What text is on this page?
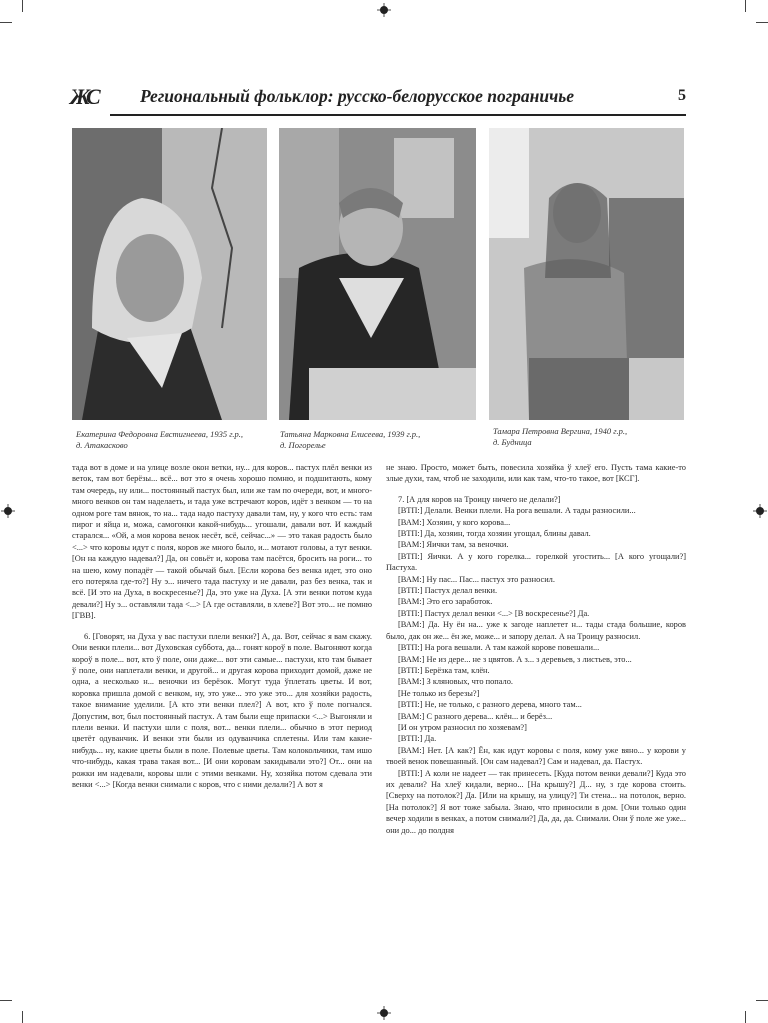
ЖС Региональный фольклор: русско-белорусское пограничье	5
Екатерина Федоровна Евстигнеева, 1935 г.р.,
д. Атакасково
Татьяна Марковна Елисеева, 1939 г.р.,
д. Погорелье
Тамара Петровна Вергина, 1940 г.р.,
д. Будница

тада вот в доме и на улице возле окон ветки, ну... для коров... пастух плёл венки из веток, там вот берёзы... всё... вот это я очень хорошо помню, и подшитають, кому там очередь, ну или... постоянный пастух был, или же там по очереди, вот, и много-много венков он там наделаеть, и тада уже встречают коров, идёт з венком — то на одном роге там вянок, то на... тада надо пастуху давали там, ну, у кого что есть: там пирог и яйца и, можа, самогонки какой-нибудь... угошали, давали вот. И каждый старался... «Ой, а моя корова венок несёт, всё, сейчас...» — это такая радость было <...> что коровы идут с поля, коров же много было, и... мотают головы, а тут венки. [Он на каждую надевал?] Да, он совьёт и, корова там пасётся, бросить на роги... то на шею, кому попадёт — такой обычай был. [Если корова без венка идет, это оно его потеряла где-то?] Ну э... ничего тада пастуху и не давали, раз без венка, так и всё. [И это на Духа, в воскресенье?] Да, это уже на Духа. [А эти венки потом куда девали?] Ну э... оставляли тада <...> [А где оставляли, в хлеве?] Вот это... не помню [ГВВ].

6. [Говорят, на Духа у вас пастухи плели венки?] А, да. Вот, сейчас я вам скажу. Они венки плели... вот Духовская суббота, да... гонят короў в поле. Выгоняют когда короў в поле... вот, кто ў поле, они даже... вот эти самые... пастухи, кто там бывает ў поле, они наплетали венки, и другой... и другая корова приходит домой, даже не одна, а несколько н... веночки из берёзок. Могут туда ўплетать цветы. И вот, коровка пришла домой с венком, ну, это уже... это уже это... для хозяйки радость, такое внимание уделили. [А кто эти венки плел?] А вот, кто ў поле погнался. Допустим, вот, был постоянный пастух. А там были еще припаски <...> Выгоняли и плели венки. И пастухи шли с поля, вот... венки плели... обычно в этот период цветёт одуванчик. И венки эти были из одуванчика сплетены. Или там какие-нибудь... ну, какие цветы были в поле. Полевые цветы. Там колокольчики, там ишо что-нибудь, какая трава такая вот... [И они коровам закидывали это?] От... они на рожки им надевали, коровы шли с этими венками. Ну, хозяйка потом сдевала эти венки <...> [Когда венки снимали с коров, что с ними делали?] А вот я

не знаю. Просто, может быть, повесила хозяйка ў хлеў его. Пусть тама какие-то злые духи, там, чтоб не заходили, или как там, что-то такое, вот [КСГ].

7. [А для коров на Троицу ничего не делали?]

[ВТП:] Делали. Венки плели. На рога вешали. А тады разносили...

[ВАМ:] Хозяин, у кого корова...

[ВТП:] Да, хозяин, тогда хозяин угощал, блины давал.

[ВАМ:] Яички там, за веночки.

[ВТП:] Яички. А у кого горелка... горелкой угостить... [А кого угощали?] Пастуха.

[ВАМ:] Ну пас... Пас... пастух это разносил.

[ВТП:] Пастух делал венки.

[ВАМ:] Это его заработок.

[ВТП:] Пастух делал венки <...> [В воскресенье?] Да.

[ВАМ:] Да. Ну ён на... уже к загоде наплетет н... тады стада большие, коров было, дак он же... ён же, може... и запору делал. А на Троицу разносил.

[ВТП:] На рога вешали. А там кажой корове повешали...

[ВАМ:] Не из дере... не з цвятов. А з... з деревьев, з листьев, это...

[ВТП:] Берёзка там, клён.

[ВАМ:] З кляновых, что попало.

[Не только из березы?]

[ВТП:] Не, не только, с разного дерева, много там...

[ВАМ:] С разного дерева... клён... и берёз...

[И он утром разносил по хозяевам?]

[ВТП:] Да.

[ВАМ:] Нет. [А как?] Ён, как идут коровы с поля, кому уже вяно... у корови у твоей венок повешанный. [Он сам надевал?] Сам и надевал, да. Пастух.

[ВТП:] А коли не надеет — так принесеть. [Куда потом венки девали?] Куда это их девали? На хлеў кидали, верно... [На крышу?] Д... ну, з где корова стоить. [Сверху на потолок?] Да. [Или на крышу, на улицу?] Ти стена... на потолок, верно. [На потолок?] Я вот тоже забыла. Знаю, что приносили в дом. [Они только один вечер ходили в венках, а потом снимали?] Да, да, да. Снимали. Они ў поле же уже... они до... до полдня
